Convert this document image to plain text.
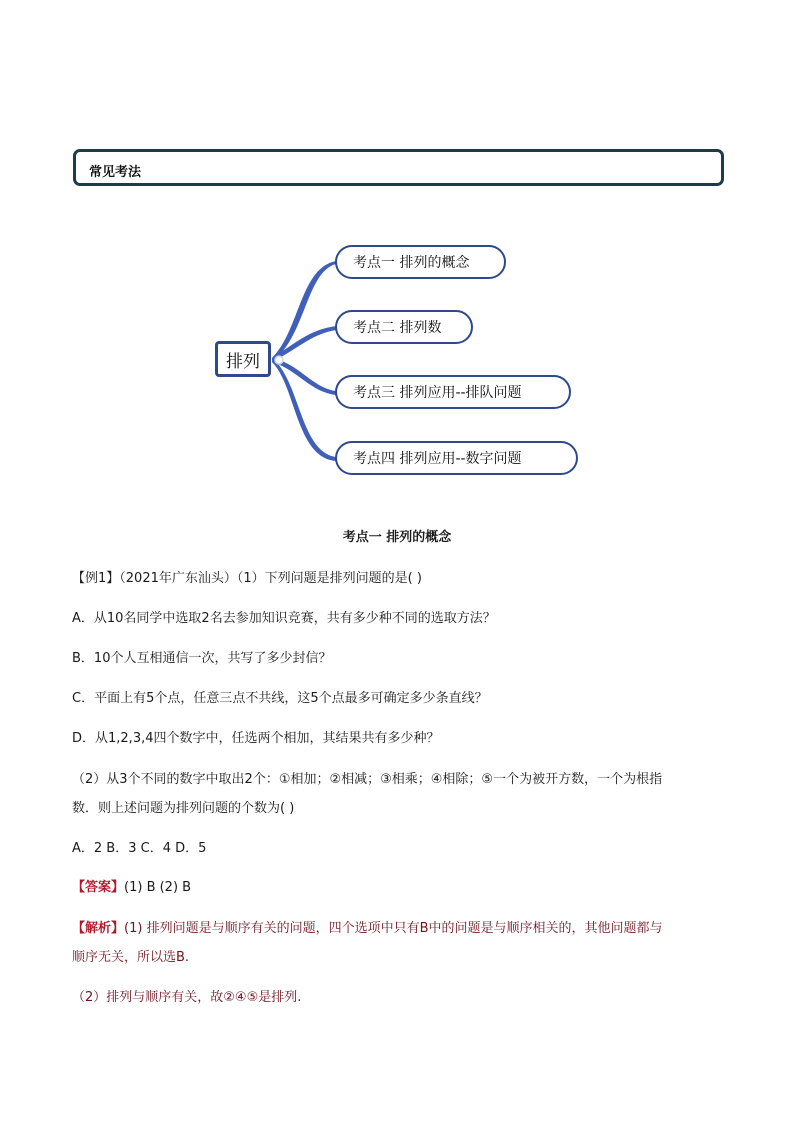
常见考法
排列
考点一 排列的概念
考点二 排列数
考点三 排列应用--排队问题
考点四 排列应用--数字问题
考点一 排列的概念
【例1】（2021年广东汕头）（1）下列问题是排列问题的是( )
A．从10名同学中选取2名去参加知识竞赛，共有多少种不同的选取方法？
B．10个人互相通信一次，共写了多少封信？
C．平面上有5个点，任意三点不共线，这5个点最多可确定多少条直线？
D．从1,2,3,4四个数字中，任选两个相加，其结果共有多少种？
（2）从3个不同的数字中取出2个：①相加；②相减；③相乘；④相除；⑤一个为被开方数，一个为根指
数．则上述问题为排列问题的个数为( )
A．2 B．3 C．4 D．5
【答案】(1) B (2) B
【解析】(1) 排列问题是与顺序有关的问题，四个选项中只有B中的问题是与顺序相关的，其他问题都与
顺序无关，所以选B.
（2）排列与顺序有关，故②④⑤是排列.
